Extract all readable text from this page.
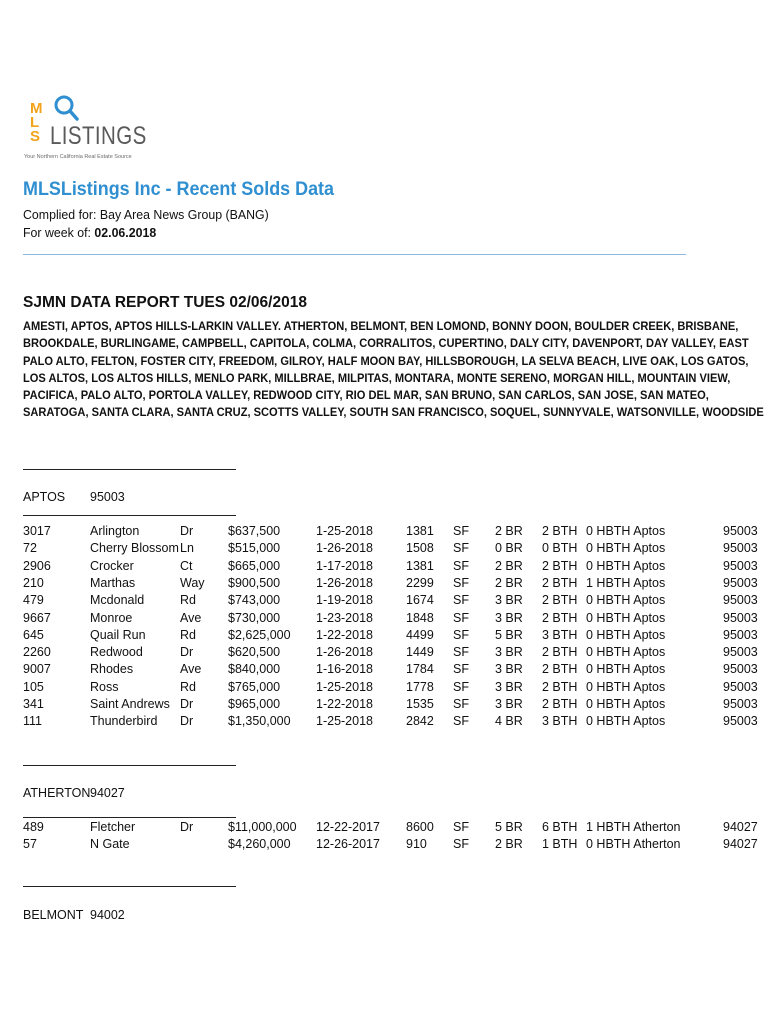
M
L
S LISTINGS
Your Northern California Real Estate Source
MLSListings Inc - Recent Solds Data
Complied for: Bay Area News Group (BANG)
For week of: 02.06.2018
SJMN DATA REPORT TUES 02/06/2018
AMESTI, APTOS, APTOS HILLS-LARKIN VALLEY. ATHERTON, BELMONT, BEN LOMOND, BONNY DOON, BOULDER CREEK, BRISBANE,
BROOKDALE, BURLINGAME, CAMPBELL, CAPITOLA, COLMA, CORRALITOS, CUPERTINO, DALY CITY, DAVENPORT, DAY VALLEY, EAST
PALO ALTO, FELTON, FOSTER CITY, FREEDOM, GILROY, HALF MOON BAY, HILLSBOROUGH, LA SELVA BEACH, LIVE OAK, LOS GATOS,
LOS ALTOS, LOS ALTOS HILLS, MENLO PARK, MILLBRAE, MILPITAS, MONTARA, MONTE SERENO, MORGAN HILL, MOUNTAIN VIEW,
PACIFICA, PALO ALTO, PORTOLA VALLEY, REDWOOD CITY, RIO DEL MAR, SAN BRUNO, SAN CARLOS, SAN JOSE, SAN MATEO,
SARATOGA, SANTA CLARA, SANTA CRUZ, SCOTTS VALLEY, SOUTH SAN FRANCISCO, SOQUEL, SUNNYVALE, WATSONVILLE, WOODSIDE
APTOS 95003
3017	Arlington	Dr	$637,500	1-25-2018	1381 SF 2 BR 2 BTH 0 HBTH Aptos	95003
72	Cherry Blossom Ln	$515,000	1-26-2018	1508 SF 0 BR 0 BTH 0 HBTH Aptos	95003
2906	Crocker	Ct	$665,000	1-17-2018	1381 SF 2 BR 2 BTH 0 HBTH Aptos	95003
210	Marthas	Way $900,500	1-26-2018	2299 SF 2 BR 2 BTH 1 HBTH Aptos	95003
479	Mcdonald	Rd	$743,000	1-19-2018	1674 SF 3 BR 2 BTH 0 HBTH Aptos	95003
9667	Monroe	Ave $730,000	1-23-2018	1848 SF 3 BR 2 BTH 0 HBTH Aptos	95003
645	Quail Run	Rd	$2,625,000 1-22-2018	4499 SF 5 BR 3 BTH 0 HBTH Aptos	95003
2260	Redwood	Dr	$620,500	1-26-2018	1449 SF 3 BR 2 BTH 0 HBTH Aptos	95003
9007	Rhodes	Ave $840,000	1-16-2018	1784 SF 3 BR 2 BTH 0 HBTH Aptos	95003
105	Ross	Rd	$765,000	1-25-2018	1778 SF 3 BR 2 BTH 0 HBTH Aptos	95003
341	Saint Andrews Dr	$965,000	1-22-2018	1535 SF 3 BR 2 BTH 0 HBTH Aptos	95003
111	Thunderbird Dr	$1,350,000 1-25-2018	2842 SF 4 BR 3 BTH 0 HBTH Aptos	95003
ATHERTON 94027
489	Fletcher	Dr	$11,000,000 12-22-2017 8600 SF 5 BR 6 BTH 1 HBTH Atherton	94027
57	N Gate	$4,260,000 12-26-2017 910 SF 2 BR 1 BTH 0 HBTH Atherton	94027
BELMONT 94002
